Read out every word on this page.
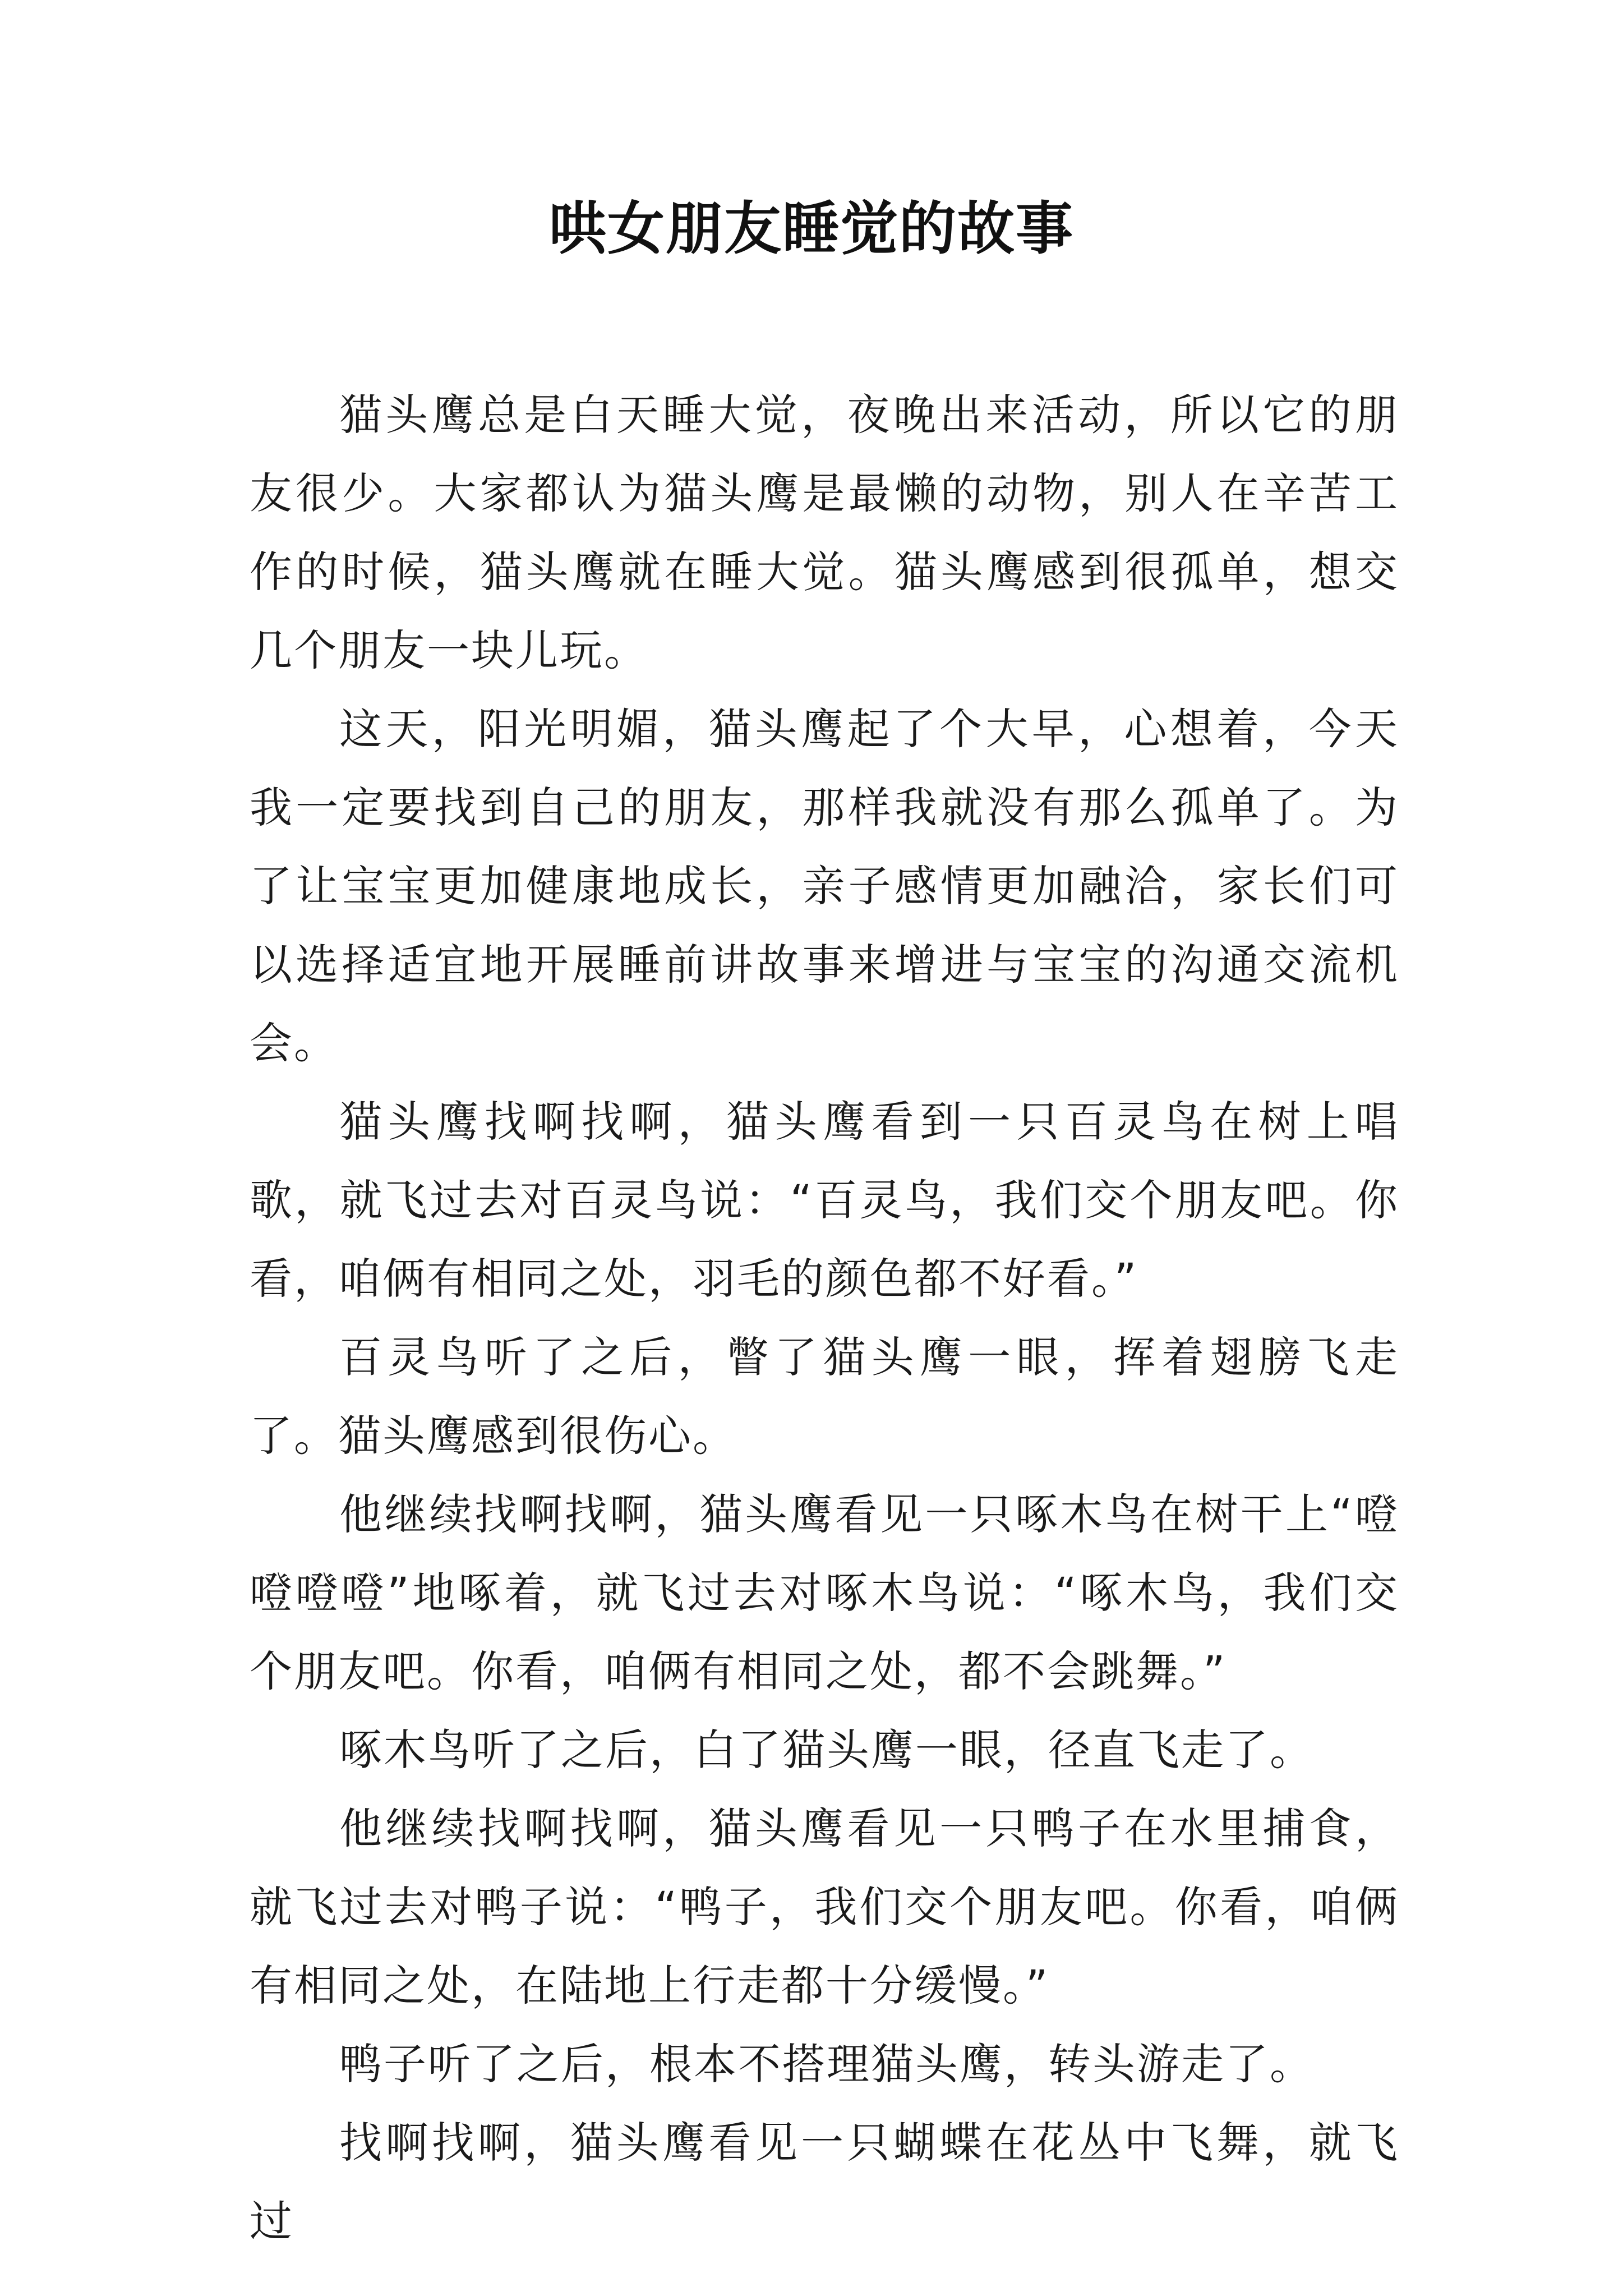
哄女朋友睡觉的故事

猫头鹰总是白天睡大觉，夜晚出来活动，所以它的朋友很少。大家都认为猫头鹰是最懒的动物，别人在辛苦工作的时候，猫头鹰就在睡大觉。猫头鹰感到很孤单，想交几个朋友一块儿玩。

这天，阳光明媚，猫头鹰起了个大早，心想着，今天我一定要找到自己的朋友，那样我就没有那么孤单了。为了让宝宝更加健康地成长，亲子感情更加融洽，家长们可以选择适宜地开展睡前讲故事来增进与宝宝的沟通交流机会。

猫头鹰找啊找啊，猫头鹰看到一只百灵鸟在树上唱歌，就飞过去对百灵鸟说：“百灵鸟，我们交个朋友吧。你看，咱俩有相同之处，羽毛的颜色都不好看。”

百灵鸟听了之后，瞥了猫头鹰一眼，挥着翅膀飞走了。猫头鹰感到很伤心。

他继续找啊找啊，猫头鹰看见一只啄木鸟在树干上“噔噔噔噔”地啄着，就飞过去对啄木鸟说：“啄木鸟，我们交个朋友吧。你看，咱俩有相同之处，都不会跳舞。”

啄木鸟听了之后，白了猫头鹰一眼，径直飞走了。

他继续找啊找啊，猫头鹰看见一只鸭子在水里捕食，就飞过去对鸭子说：“鸭子，我们交个朋友吧。你看，咱俩有相同之处，在陆地上行走都十分缓慢。”

鸭子听了之后，根本不搭理猫头鹰，转头游走了。

找啊找啊，猫头鹰看见一只蝴蝶在花丛中飞舞，就飞过
